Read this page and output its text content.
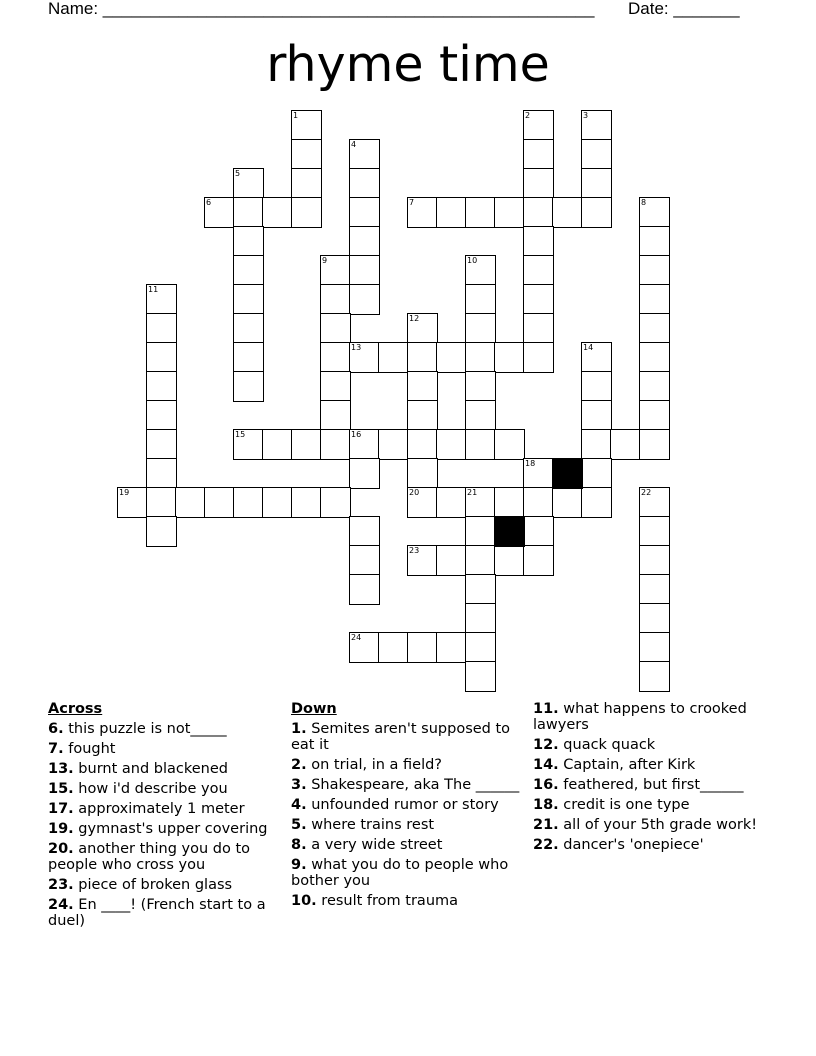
Name: ____________________________________________________ Date: _______
rhyme time
1	2	3
4
5
6	7	8
9	10
11
12
13	14
15	16
18
19	20	21	22
23
24
Across
6. this puzzle is not_____
7. fought
13. burnt and blackened
15. how i'd describe you
17. approximately 1 meter
19. gymnast's upper covering
20. another thing you do to people who cross you
23. piece of broken glass
24. En ____! (French start to a duel)
Down
1. Semites aren't supposed to eat it
2. on trial, in a field?
3. Shakespeare, aka The ______
4. unfounded rumor or story
5. where trains rest
8. a very wide street
9. what you do to people who bother you
10. result from trauma
11. what happens to crooked lawyers
12. quack quack
14. Captain, after Kirk
16. feathered, but first______
18. credit is one type
21. all of your 5th grade work!
22. dancer's 'onepiece'
